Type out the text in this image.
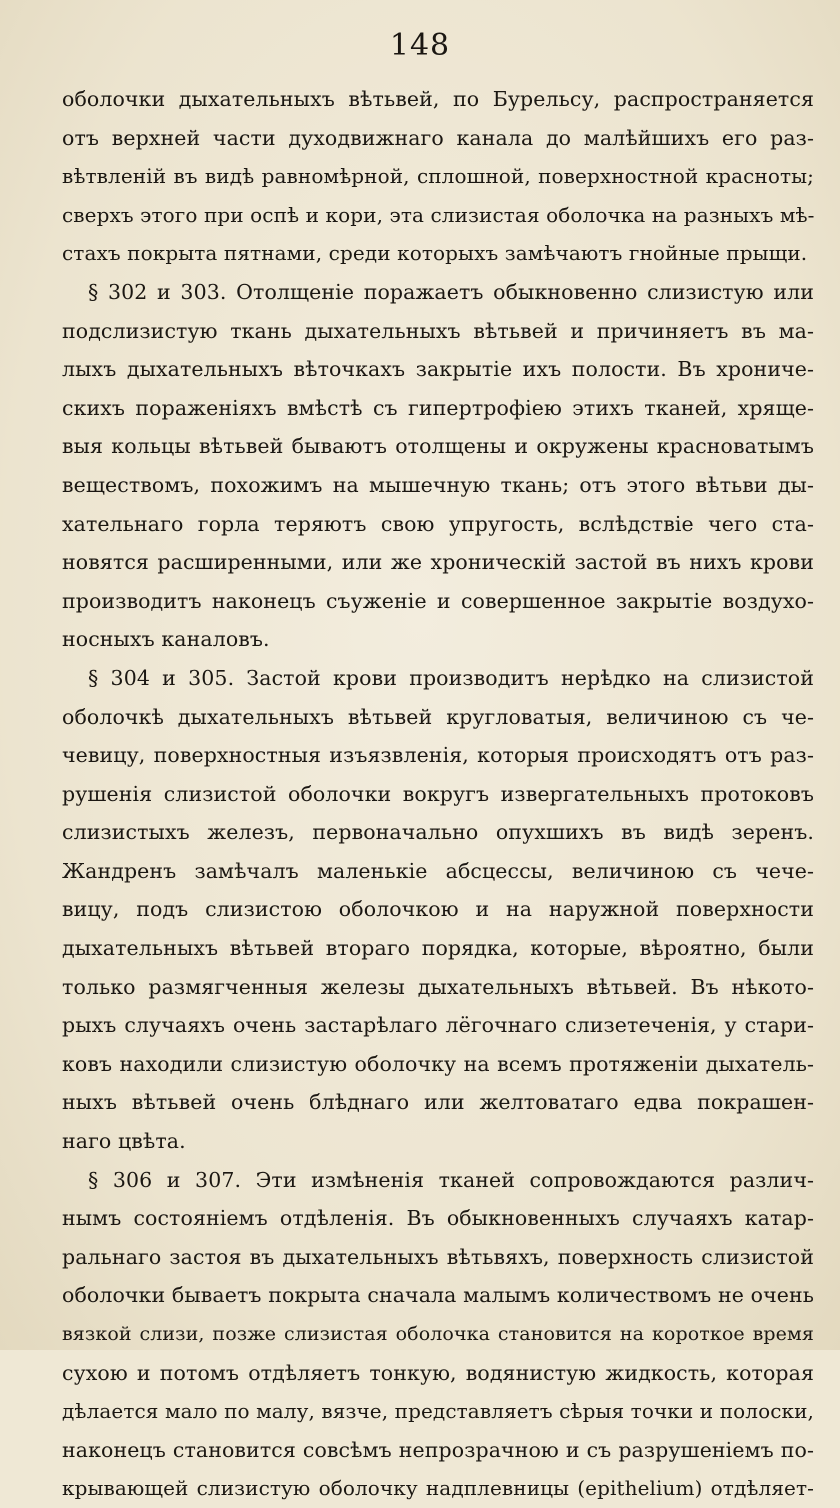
148
оболочки дыхательныхъ вѣтьвей, по Бурельсу, распространяется
отъ верхней части духодвижнаго канала до малѣйшихъ его раз-
вѣтвленій въ видѣ равномѣрной, сплошной, поверхностной красноты;
сверхъ этого при оспѣ и кори, эта слизистая оболочка на разныхъ мѣ-
стахъ покрыта пятнами, среди которыхъ замѣчаютъ гнойные прыщи.
§ 302 и 303. Отолщеніе поражаетъ обыкновенно слизистую или
подслизистую ткань дыхательныхъ вѣтьвей и причиняетъ въ ма-
лыхъ дыхательныхъ вѣточкахъ закрытіе ихъ полости. Въ хрониче-
скихъ пораженіяхъ вмѣстѣ съ гипертрофіею этихъ тканей, хряще-
выя кольцы вѣтьвей бываютъ отолщены и окружены красноватымъ
веществомъ, похожимъ на мышечную ткань; отъ этого вѣтьви ды-
хательнаго горла теряютъ свою упругость, вслѣдствіе чего ста-
новятся расширенными, или же хроническій застой въ нихъ крови
производитъ наконецъ съуженіе и совершенное закрытіе воздухо-
носныхъ каналовъ.
§ 304 и 305. Застой крови производитъ нерѣдко на слизистой
оболочкѣ дыхательныхъ вѣтьвей кругловатыя, величиною съ че-
чевицу, поверхностныя изъязвленія, которыя происходятъ отъ раз-
рушенія слизистой оболочки вокругъ извергательныхъ протоковъ
слизистыхъ железъ, первоначально опухшихъ въ видѣ зеренъ.
Жандренъ замѣчалъ маленькіе абсцессы, величиною съ чече-
вицу, подъ слизистою оболочкою и на наружной поверхности
дыхательныхъ вѣтьвей втораго порядка, которые, вѣроятно, были
только размягченныя железы дыхательныхъ вѣтьвей. Въ нѣкото-
рыхъ случаяхъ очень застарѣлаго лёгочнаго слизетеченія, у стари-
ковъ находили слизистую оболочку на всемъ протяженіи дыхатель-
ныхъ вѣтьвей очень блѣднаго или желтоватаго едва покрашен-
наго цвѣта.
§ 306 и 307. Эти измѣненія тканей сопровождаются различ-
нымъ состояніемъ отдѣленія. Въ обыкновенныхъ случаяхъ катар-
ральнаго застоя въ дыхательныхъ вѣтьвяхъ, поверхность слизистой
оболочки бываетъ покрыта сначала малымъ количествомъ не очень
вязкой слизи, позже слизистая оболочка становится на короткое время
сухою и потомъ отдѣляетъ тонкую, водянистую жидкость, которая
дѣлается мало по малу, вязче, представляетъ сѣрыя точки и полоски,
наконецъ становится совсѣмъ непрозрачною и съ разрушеніемъ по-
крывающей слизистую оболочку надплевницы (epithelium) отдѣляет-
